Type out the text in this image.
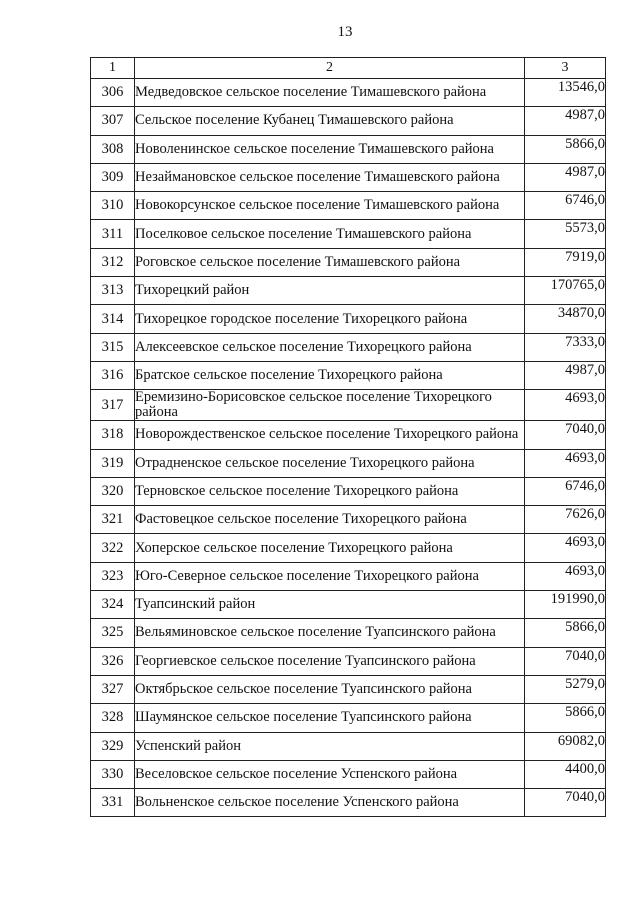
13
1	2	3
306	Медведовское сельское поселение Тимашевского района	13546,0
307	Сельское поселение Кубанец Тимашевского района	4987,0
308	Новоленинское сельское поселение Тимашевского района	5866,0
309	Незаймановское сельское поселение Тимашевского района	4987,0
310	Новокорсунское сельское поселение Тимашевского района	6746,0
311	Поселковое сельское поселение Тимашевского района	5573,0
312	Роговское сельское поселение Тимашевского района	7919,0
313	Тихорецкий район	170765,0
314	Тихорецкое городское поселение Тихорецкого района	34870,0
315	Алексеевское сельское поселение Тихорецкого района	7333,0
316	Братское сельское поселение Тихорецкого района	4987,0
317	Еремизино-Борисовское сельское поселение Тихорецкого района	4693,0
318	Новорождественское сельское поселение Тихорецкого района	7040,0
319	Отрадненское сельское поселение Тихорецкого района	4693,0
320	Терновское сельское поселение Тихорецкого района	6746,0
321	Фастовецкое сельское поселение Тихорецкого района	7626,0
322	Хоперское сельское поселение Тихорецкого района	4693,0
323	Юго-Северное сельское поселение Тихорецкого района	4693,0
324	Туапсинский район	191990,0
325	Вельяминовское сельское поселение Туапсинского района	5866,0
326	Георгиевское сельское поселение Туапсинского района	7040,0
327	Октябрьское сельское поселение Туапсинского района	5279,0
328	Шаумянское сельское поселение Туапсинского района	5866,0
329	Успенский район	69082,0
330	Веселовское сельское поселение Успенского района	4400,0
331	Вольненское сельское поселение Успенского района	7040,0
